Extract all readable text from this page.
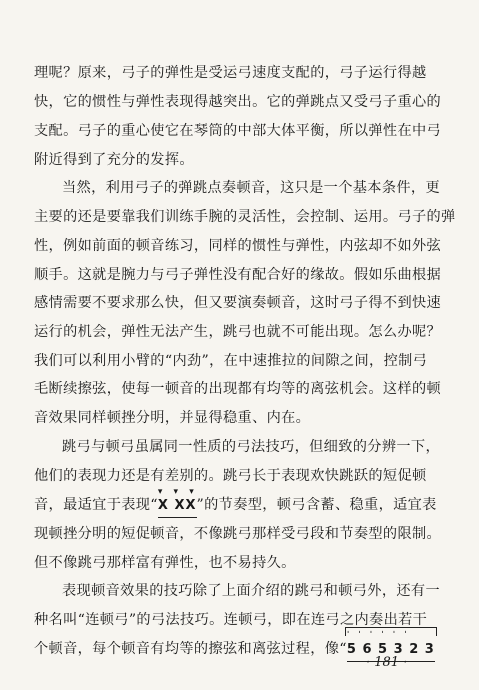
理呢？原来，弓子的弹性是受运弓速度支配的，弓子运行得越
快，它的惯性与弹性表现得越突出。它的弹跳点又受弓子重心的
支配。弓子的重心使它在琴筒的中部大体平衡，所以弹性在中弓
附近得到了充分的发挥。
当然，利用弓子的弹跳点奏顿音，这只是一个基本条件，更
主要的还是要靠我们训练手腕的灵活性，会控制、运用。弓子的弹
性，例如前面的顿音练习，同样的惯性与弹性，内弦却不如外弦
顺手。这就是腕力与弓子弹性没有配合好的缘故。假如乐曲根据
感情需要不要求那么快，但又要演奏顿音，这时弓子得不到快速
运行的机会，弹性无法产生，跳弓也就不可能出现。怎么办呢？
我们可以利用小臂的“内劲”，在中速推拉的间隙之间，控制弓
毛断续擦弦，使每一顿音的出现都有均等的离弦机会。这样的顿
音效果同样顿挫分明，并显得稳重、内在。
跳弓与顿弓虽属同一性质的弓法技巧，但细致的分辨一下，
他们的表现力还是有差别的。跳弓长于表现欢快跳跃的短促顿
音，最适宜于表现“
▾ ▾ ▾
X XX
”的节奏型，顿弓含蓄、稳重，适宜表
现顿挫分明的短促顿音，不像跳弓那样受弓段和节奏型的限制。
但不像跳弓那样富有弹性，也不易持久。
表现顿音效果的技巧除了上面介绍的跳弓和顿弓外，还有一
种名叫“连顿弓”的弓法技巧。连顿弓，即在连弓之内奏出若干
个顿音，每个顿音有均等的擦弦和离弦过程，像“
ˈˈˈˈˈˈ
5 6 5 3 2 3
· 181 ·
